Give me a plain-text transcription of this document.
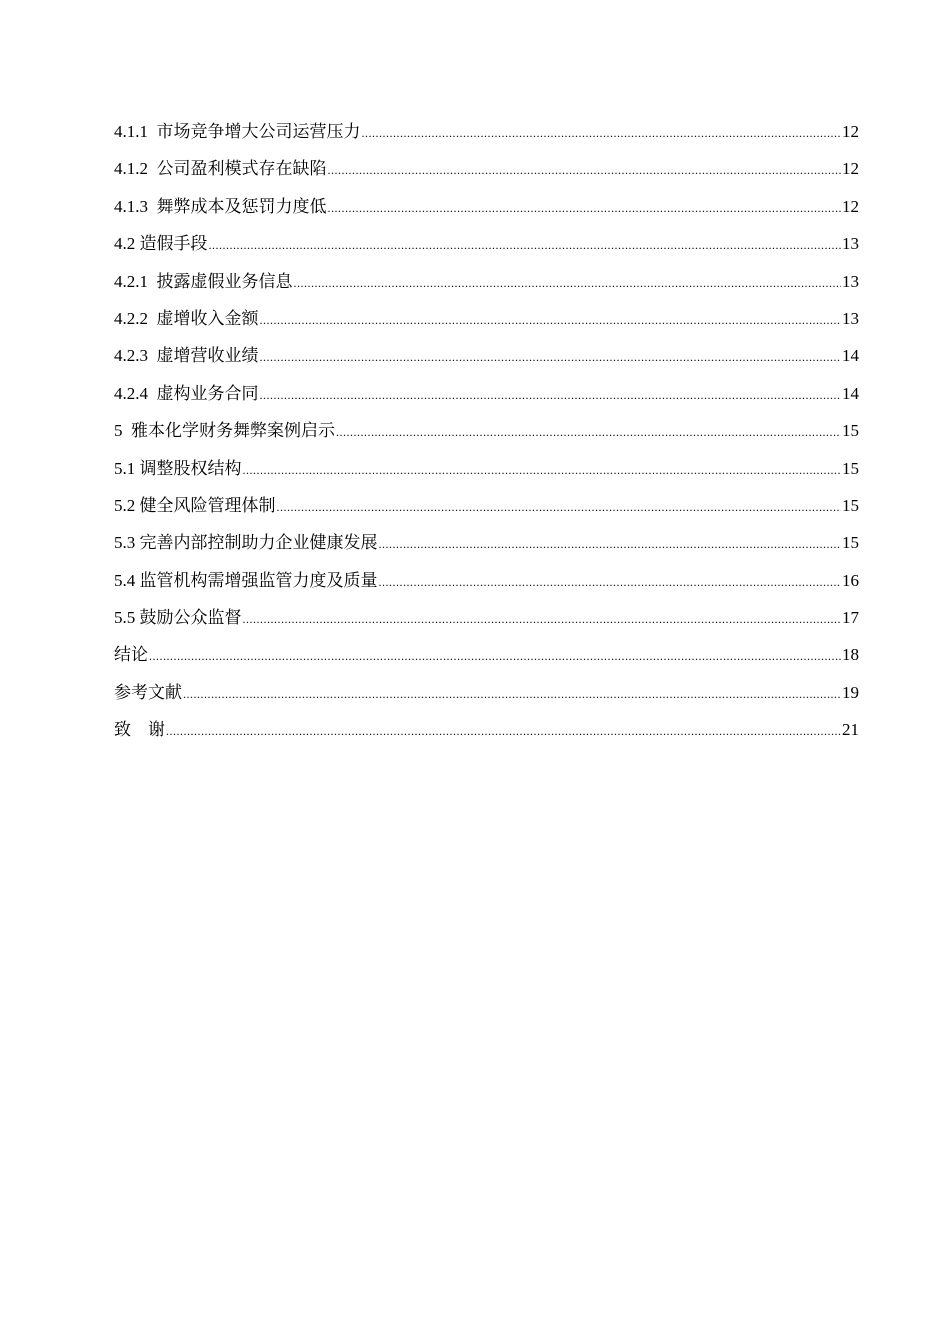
4.1.1  市场竞争增大公司运营压力 .....	12
4.1.2  公司盈利模式存在缺陷 .....	12
4.1.3  舞弊成本及惩罚力度低 .....	12
4.2 造假手段 .....	13
4.2.1  披露虚假业务信息 .....	13
4.2.2  虚增收入金额 .....	13
4.2.3  虚增营收业绩 .....	14
4.2.4  虚构业务合同 .....	14
5  雅本化学财务舞弊案例启示 .....	15
5.1 调整股权结构 .....	15
5.2 健全风险管理体制 .....	15
5.3 完善内部控制助力企业健康发展 .....	15
5.4 监管机构需增强监管力度及质量 .....	16
5.5 鼓励公众监督 .....	17
结论 .....	18
参考文献 .....	19
致    谢 .....	21
